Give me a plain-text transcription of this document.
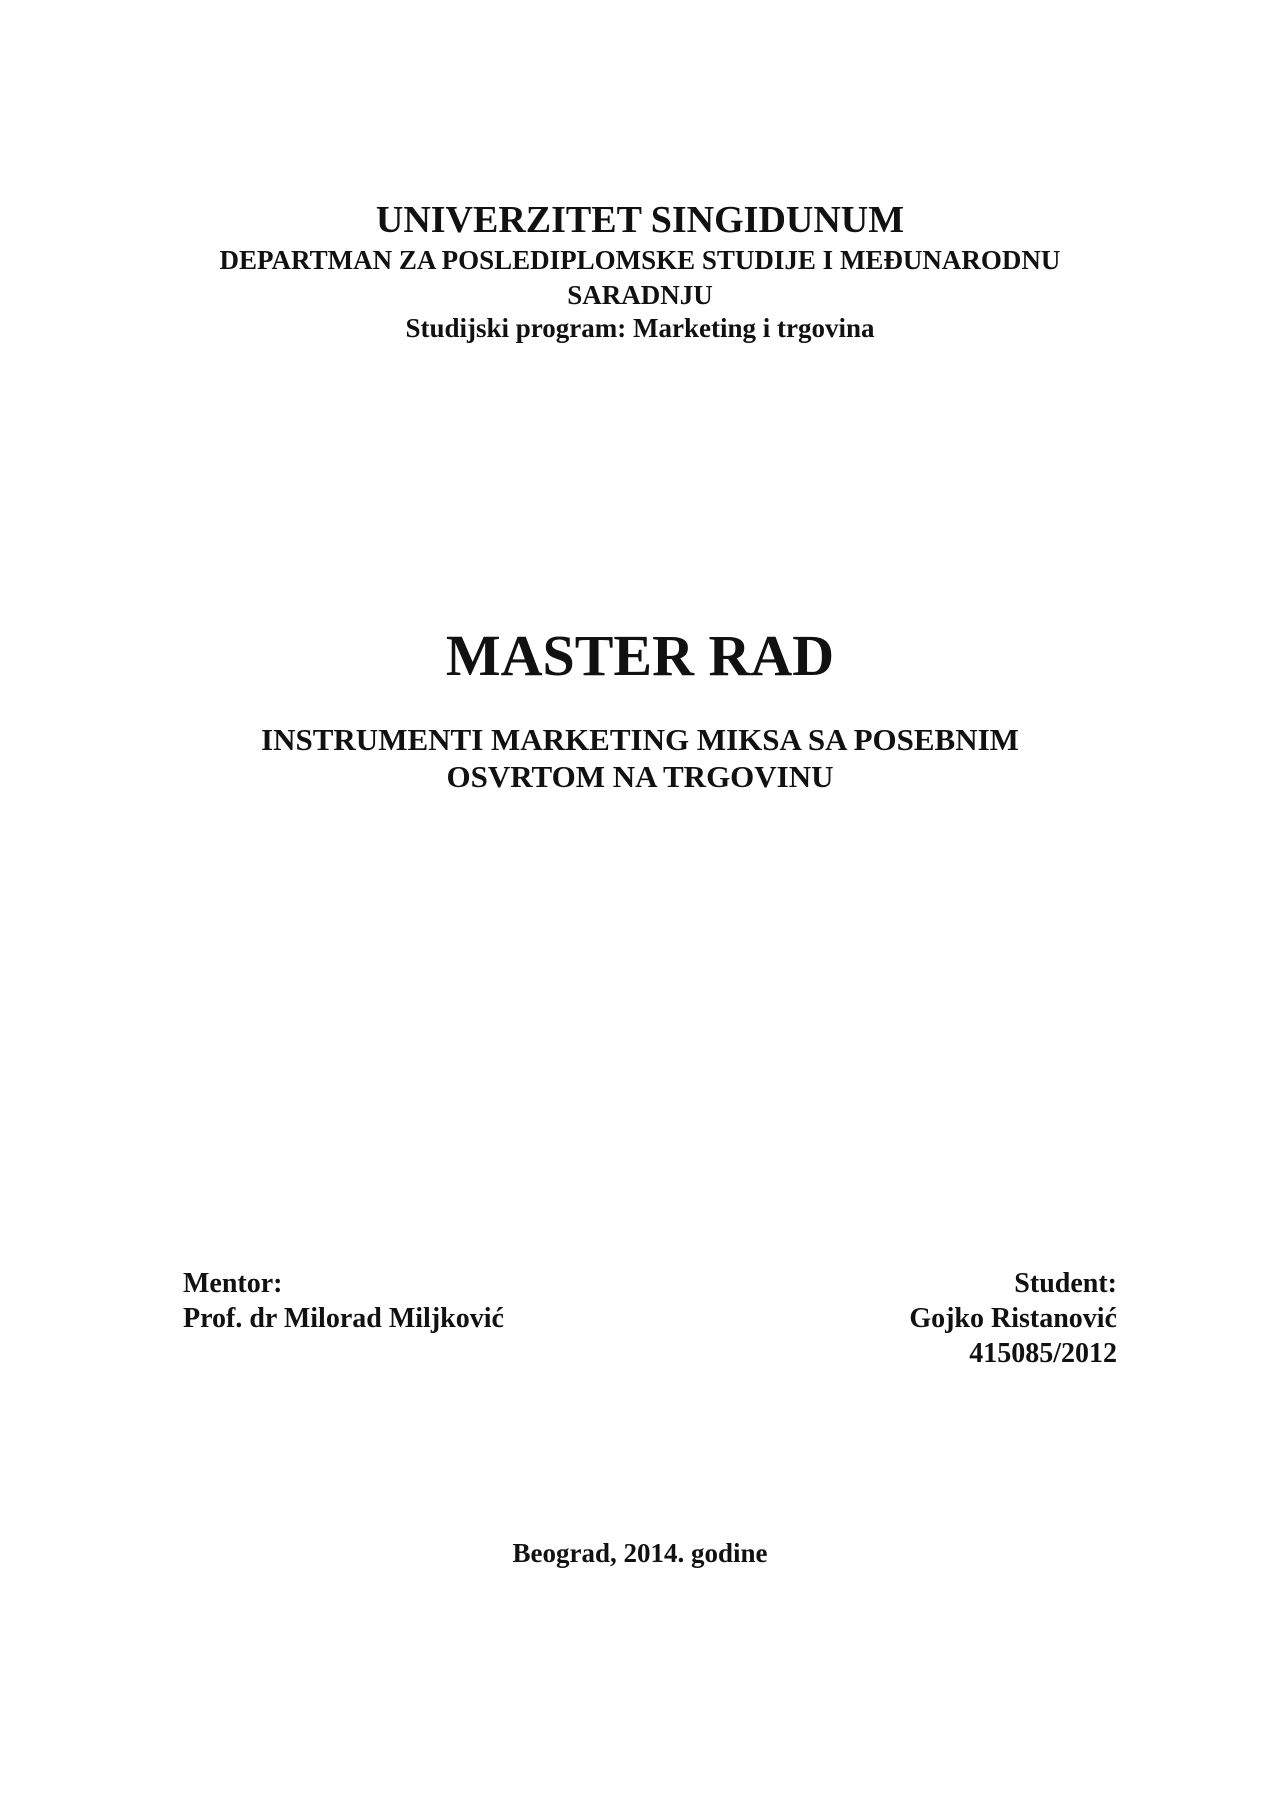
UNIVERZITET SINGIDUNUM
DEPARTMAN ZA POSLEDIPLOMSKE STUDIJE I MEĐUNARODNU
SARADNJU
Studijski program: Marketing i trgovina
MASTER RAD
INSTRUMENTI MARKETING MIKSA SA POSEBNIM
OSVRTOM NA TRGOVINU
Mentor:
Prof. dr Milorad Miljković
Student:
Gojko Ristanović
415085/2012
Beograd, 2014. godine
